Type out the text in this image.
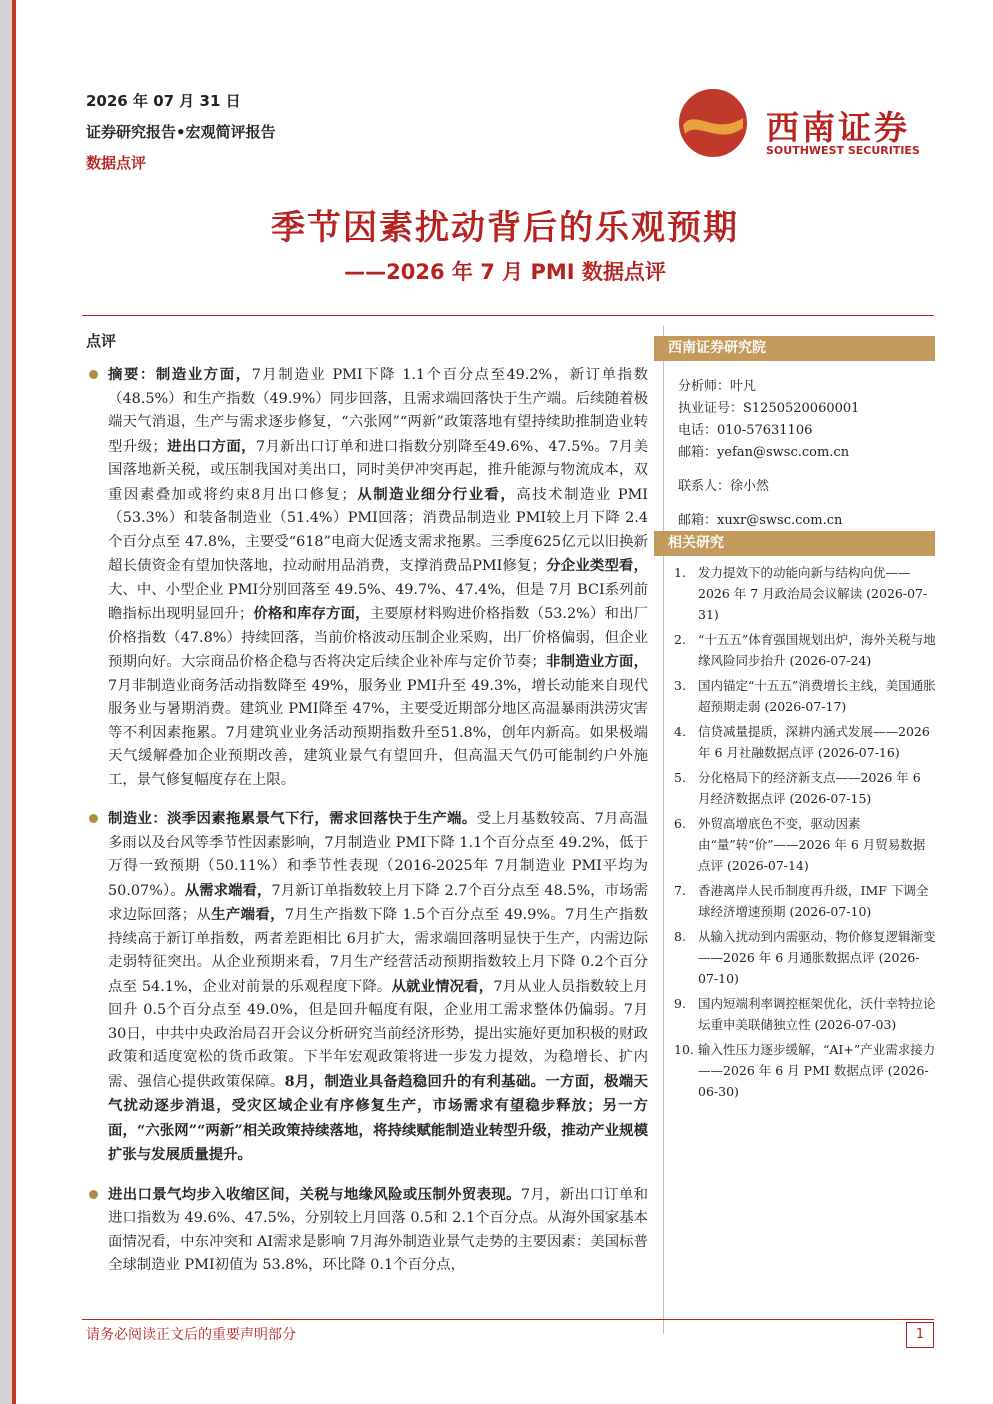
2026 年 07 月 31 日
证券研究报告•宏观简评报告
数据点评
西南证券
SOUTHWEST SECURITIES
季节因素扰动背后的乐观预期
——2026 年 7 月 PMI 数据点评
点评
摘要：制造业方面，7月制造业 PMI下降 1.1个百分点至49.2%，新订单指数（48.5%）和生产指数（49.9%）同步回落，且需求端回落快于生产端。后续随着极端天气消退，生产与需求逐步修复，“六张网”“两新”政策落地有望持续助推制造业转型升级；进出口方面，7月新出口订单和进口指数分别降至49.6%、47.5%。7月美国落地新关税，或压制我国对美出口，同时美伊冲突再起，推升能源与物流成本，双重因素叠加或将约束8月出口修复；从制造业细分行业看，高技术制造业 PMI（53.3%）和装备制造业（51.4%）PMI回落；消费品制造业 PMI较上月下降 2.4个百分点至 47.8%，主要受“618”电商大促透支需求拖累。三季度625亿元以旧换新超长债资金有望加快落地，拉动耐用品消费，支撑消费品PMI修复；分企业类型看，大、中、小型企业 PMI分别回落至 49.5%、49.7%、47.4%，但是 7月 BCI系列前瞻指标出现明显回升；价格和库存方面，主要原材料购进价格指数（53.2%）和出厂价格指数（47.8%）持续回落，当前价格波动压制企业采购，出厂价格偏弱，但企业预期向好。大宗商品价格企稳与否将决定后续企业补库与定价节奏；非制造业方面，7月非制造业商务活动指数降至 49%，服务业 PMI升至 49.3%，增长动能来自现代服务业与暑期消费。建筑业 PMI降至 47%，主要受近期部分地区高温暴雨洪涝灾害等不利因素拖累。7月建筑业业务活动预期指数升至51.8%，创年内新高。如果极端天气缓解叠加企业预期改善，建筑业景气有望回升，但高温天气仍可能制约户外施工，景气修复幅度存在上限。
制造业：淡季因素拖累景气下行，需求回落快于生产端。受上月基数较高、7月高温多雨以及台风等季节性因素影响，7月制造业 PMI下降 1.1个百分点至 49.2%，低于万得一致预期（50.11%）和季节性表现（2016-2025年 7月制造业 PMI平均为 50.07%）。从需求端看，7月新订单指数较上月下降 2.7个百分点至 48.5%，市场需求边际回落；从生产端看，7月生产指数下降 1.5个百分点至 49.9%。7月生产指数持续高于新订单指数，两者差距相比 6月扩大，需求端回落明显快于生产，内需边际走弱特征突出。从企业预期来看，7月生产经营活动预期指数较上月下降 0.2个百分点至 54.1%，企业对前景的乐观程度下降。从就业情况看，7月从业人员指数较上月回升 0.5个百分点至 49.0%，但是回升幅度有限，企业用工需求整体仍偏弱。7月 30日，中共中央政治局召开会议分析研究当前经济形势，提出实施好更加积极的财政政策和适度宽松的货币政策。下半年宏观政策将进一步发力提效，为稳增长、扩内需、强信心提供政策保障。8月，制造业具备趋稳回升的有利基础。一方面，极端天气扰动逐步消退，受灾区域企业有序修复生产，市场需求有望稳步释放；另一方面，“六张网”“两新”相关政策持续落地，将持续赋能制造业转型升级，推动产业规模扩张与发展质量提升。
进出口景气均步入收缩区间，关税与地缘风险或压制外贸表现。7月，新出口订单和进口指数为 49.6%、47.5%，分别较上月回落 0.5和 2.1个百分点。从海外国家基本面情况看，中东冲突和 AI需求是影响 7月海外制造业景气走势的主要因素：美国标普全球制造业 PMI初值为 53.8%，环比降 0.1个百分点，
西南证券研究院
分析师：叶凡
执业证号：S1250520060001
电话：010-57631106
邮箱：yefan@swsc.com.cn
联系人：徐小然
邮箱：xuxr@swsc.com.cn
相关研究
1. 发力提效下的动能向新与结构向优——2026 年 7 月政治局会议解读 (2026-07-31)
2. “十五五”体育强国规划出炉，海外关税与地缘风险同步抬升 (2026-07-24)
3. 国内锚定“十五五”消费增长主线，美国通胀超预期走弱 (2026-07-17)
4. 信贷减量提质，深耕内涵式发展——2026 年 6 月社融数据点评 (2026-07-16)
5. 分化格局下的经济新支点——2026 年 6 月经济数据点评 (2026-07-15)
6. 外贸高增底色不变，驱动因素由“量”转“价”——2026 年 6 月贸易数据点评 (2026-07-14)
7. 香港离岸人民币制度再升级，IMF 下调全球经济增速预期 (2026-07-10)
8. 从输入扰动到内需驱动，物价修复逻辑渐变——2026 年 6 月通胀数据点评 (2026-07-10)
9. 国内短端利率调控框架优化，沃什幸特拉论坛重申美联储独立性 (2026-07-03)
10. 输入性压力逐步缓解，“AI+”产业需求接力——2026 年 6 月 PMI 数据点评 (2026-06-30)
请务必阅读正文后的重要声明部分	1
